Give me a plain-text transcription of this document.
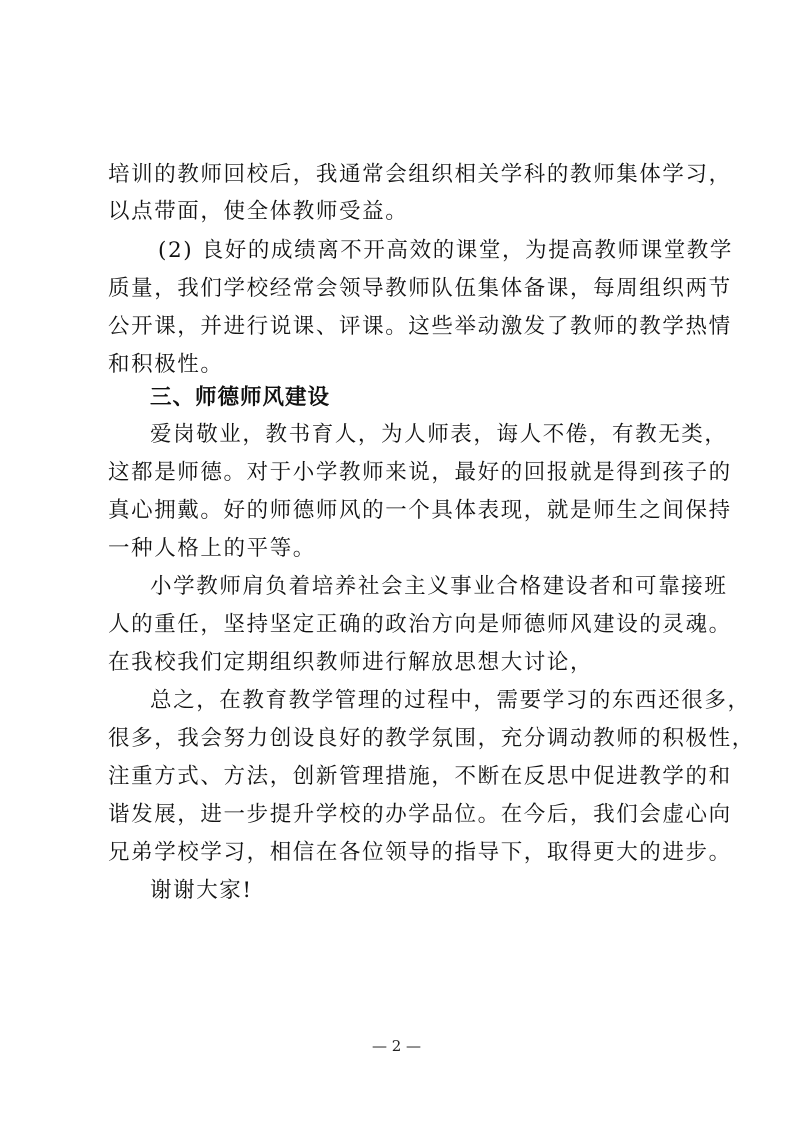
培训的教师回校后，我通常会组织相关学科的教师集体学习，
以点带面，使全体教师受益。
(2) 良好的成绩离不开高效的课堂，为提高教师课堂教学
质量，我们学校经常会领导教师队伍集体备课，每周组织两节
公开课，并进行说课、评课。这些举动激发了教师的教学热情
和积极性。
三、师德师风建设
爱岗敬业，教书育人，为人师表，诲人不倦，有教无类，
这都是师德。对于小学教师来说，最好的回报就是得到孩子的
真心拥戴。好的师德师风的一个具体表现，就是师生之间保持
一种人格上的平等。
小学教师肩负着培养社会主义事业合格建设者和可靠接班
人的重任，坚持坚定正确的政治方向是师德师风建设的灵魂。
在我校我们定期组织教师进行解放思想大讨论，
总之，在教育教学管理的过程中，需要学习的东西还很多，
很多，我会努力创设良好的教学氛围，充分调动教师的积极性，
注重方式、方法，创新管理措施，不断在反思中促进教学的和
谐发展，进一步提升学校的办学品位。在今后，我们会虚心向
兄弟学校学习，相信在各位领导的指导下，取得更大的进步。
谢谢大家!
— 2 —
